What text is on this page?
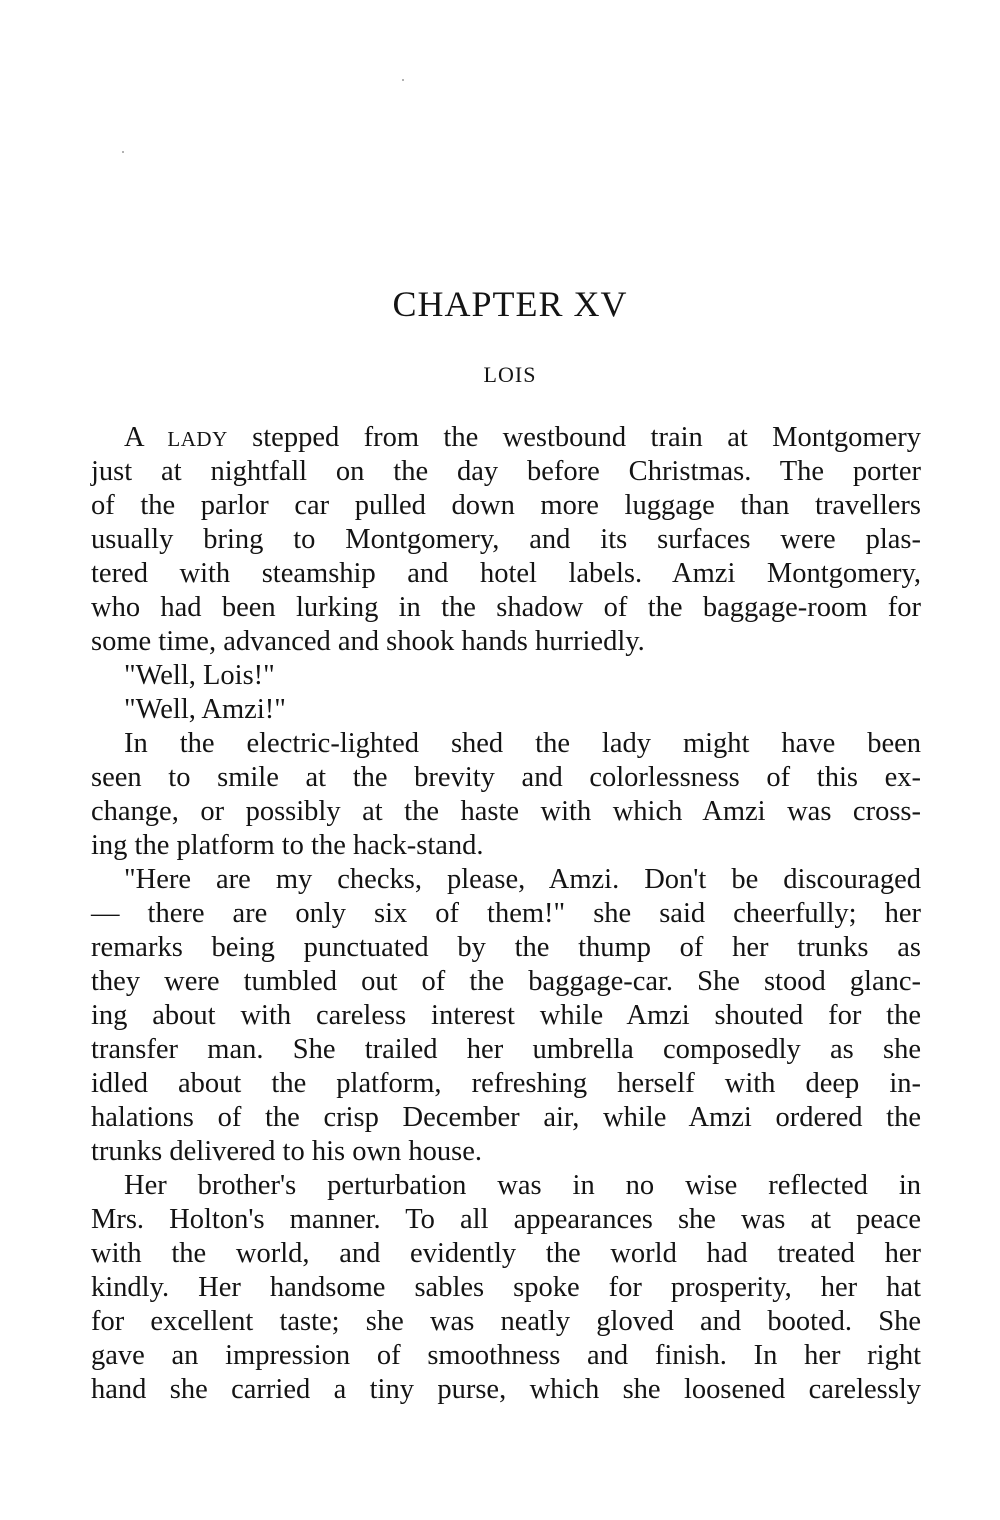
CHAPTER XV
LOIS
A LADY stepped from the westbound train at Montgomery
just at nightfall on the day before Christmas. The porter
of the parlor car pulled down more luggage than travellers
usually bring to Montgomery, and its surfaces were plas-
tered with steamship and hotel labels. Amzi Montgomery,
who had been lurking in the shadow of the baggage-room for
some time, advanced and shook hands hurriedly.
"Well, Lois!"
"Well, Amzi!"
In the electric-lighted shed the lady might have been
seen to smile at the brevity and colorlessness of this ex-
change, or possibly at the haste with which Amzi was cross-
ing the platform to the hack-stand.
"Here are my checks, please, Amzi. Don't be discouraged
— there are only six of them!" she said cheerfully; her
remarks being punctuated by the thump of her trunks as
they were tumbled out of the baggage-car. She stood glanc-
ing about with careless interest while Amzi shouted for the
transfer man. She trailed her umbrella composedly as she
idled about the platform, refreshing herself with deep in-
halations of the crisp December air, while Amzi ordered the
trunks delivered to his own house.
Her brother's perturbation was in no wise reflected in
Mrs. Holton's manner. To all appearances she was at peace
with the world, and evidently the world had treated her
kindly. Her handsome sables spoke for prosperity, her hat
for excellent taste; she was neatly gloved and booted. She
gave an impression of smoothness and finish. In her right
hand she carried a tiny purse, which she loosened carelessly
